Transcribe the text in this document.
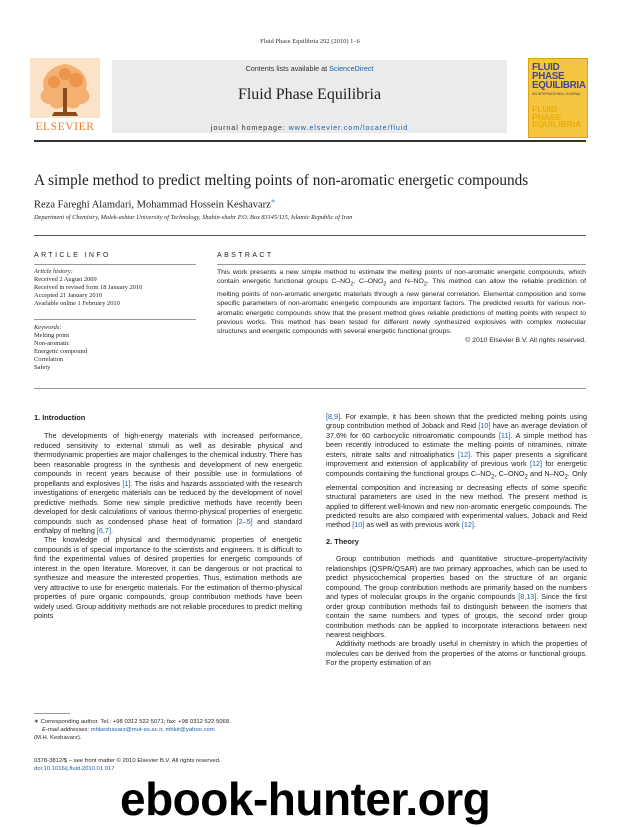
Fluid Phase Equilibria 292 (2010) 1–6
ELSEVIER
Contents lists available at ScienceDirect
Fluid Phase Equilibria
journal homepage: www.elsevier.com/locate/fluid
FLUID PHASE
EQUILIBRIA
AN INTERNATIONAL JOURNAL
FLUID PHASE
EQUILIBRIA
A simple method to predict melting points of non-aromatic energetic compounds
Reza Fareghi Alamdari, Mohammad Hossein Keshavarz∗
Department of Chemistry, Malek-ashtar University of Technology, Shahin-shahr P.O. Box 83145/115, Islamic Republic of Iran
ARTICLE INFO
Article history:
Received 2 August 2009
Received in revised form 18 January 2010
Accepted 21 January 2010
Available online 1 February 2010
Keywords:
Melting point
Non-aromatic
Energetic compound
Correlation
Safety
ABSTRACT
This work presents a new simple method to estimate the melting points of non-aromatic energetic compounds, which contain energetic functional groups $C-NO_2$, $C-ONO_2$ and $N-NO_2$. This method can allow the reliable prediction of melting points of non-aromatic energetic materials through a new general correlation. Elemental composition and some specific parameters of non-aromatic energetic compounds are important factors. The predicted results for various non-aromatic energetic compounds show that the present method gives reliable predictions of melting points with respect to previous works. This method has been tested for different newly synthesized explosives with complex molecular structures and energetic compounds with several energetic functional groups.
© 2010 Elsevier B.V. All rights reserved.
1. Introduction

The developments of high-energy materials with increased performance, reduced sensitivity to external stimuli as well as desirable physical and thermodynamic properties are major challenges to the chemical industry. There has been reasonable progress in the synthesis and development of new energetic compounds in recent years because of their possible use in formulations of propellants and explosives [1]. The risks and hazards associated with the research investigations of energetic materials can be reduced by the development of novel predictive methods. Some new simple predictive methods have recently been developed for desk calculations of various thermo-physical properties of energetic compounds such as condensed phase heat of formation [2–5] and standard enthalpy of melting [6,7].

The knowledge of physical and thermodynamic properties of energetic compounds is of special importance to the scientists and engineers. It is difficult to find the experimental values of desired properties for energetic compounds of interest in the open literature. Moreover, it can be dangerous or not practical to synthesize and measure the interested properties. Thus, estimation methods are very attractive to use for energetic materials. For the estimation of thermo-physical properties of pure organic compounds, group contribution methods have been widely used. Group additivity methods are not reliable procedures to predict melting points

[8,9]. For example, it has been shown that the predicted melting points using group contribution method of Joback and Reid [10] have an average deviation of 37.6% for 60 carbocyclic nitroaromatic compounds [11]. A simple method has been recently introduced to estimate the melting points of nitramines, nitrate esters, nitrate salts and nitroaliphatics [12]. This paper presents a significant improvement and extension of applicability of previous work [12] for energetic compounds containing the functional groups $C-NO_2$, $C-ONO_2$ and $N-NO_2$. Only elemental composition and increasing or decreasing effects of some specific structural parameters are used in the new method. The present method is applied to different well-known and new non-aromatic energetic compounds. The predicted results are also compared with experimental values, Joback and Reid method [10] as well as with previous work [12].

2. Theory

Group contribution methods and quantitative structure–property/activity relationships (QSPR/QSAR) are two primary approaches, which can be used to predict physicochemical properties based on the structure of an organic compound. The group contribution methods are primarily based on the numbers and types of molecular groups in the organic compounds [8,13]. Since the first order group contribution methods fail to distinguish between the isomers that contain the same numbers and types of groups, the second order group contribution methods can be applied to incorporate interactions between next nearest neighbors.

Additivity methods are broadly useful in chemistry in which the properties of molecules can be derived from the properties of the atoms or functional groups. For the property estimation of an

∗ Corresponding author. Tel.: +98 0312 522 5071; fax: +98 0312 522 5068.
E-mail addresses: mhkeshavarz@mut-es.ac.ir, mhkir@yahoo.com
(M.H. Keshavarz).
0378-3812/$ – see front matter © 2010 Elsevier B.V. All rights reserved.
doi:10.1016/j.fluid.2010.01.017
ebook-hunter.org
